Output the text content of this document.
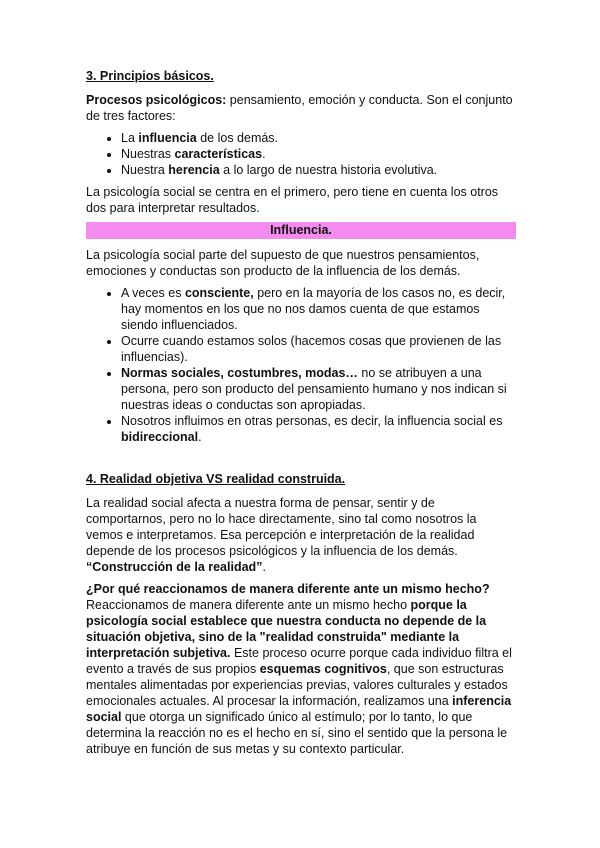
3. Principios básicos.

Procesos psicológicos: pensamiento, emoción y conducta. Son el conjunto de tres factores:

• La influencia de los demás.
• Nuestras características.
• Nuestra herencia a lo largo de nuestra historia evolutiva.

La psicología social se centra en el primero, pero tiene en cuenta los otros dos para interpretar resultados.

Influencia.

La psicología social parte del supuesto de que nuestros pensamientos, emociones y conductas son producto de la influencia de los demás.

• A veces es consciente, pero en la mayoría de los casos no, es decir, hay momentos en los que no nos damos cuenta de que estamos siendo influenciados.
• Ocurre cuando estamos solos (hacemos cosas que provienen de las influencias).
• Normas sociales, costumbres, modas… no se atribuyen a una persona, pero son producto del pensamiento humano y nos indican si nuestras ideas o conductas son apropiadas.
• Nosotros influimos en otras personas, es decir, la influencia social es bidireccional.
4. Realidad objetiva VS realidad construida.

La realidad social afecta a nuestra forma de pensar, sentir y de comportarnos, pero no lo hace directamente, sino tal como nosotros la vemos e interpretamos. Esa percepción e interpretación de la realidad depende de los procesos psicológicos y la influencia de los demás. “Construcción de la realidad”.

¿Por qué reaccionamos de manera diferente ante un mismo hecho? Reaccionamos de manera diferente ante un mismo hecho porque la psicología social establece que nuestra conducta no depende de la situación objetiva, sino de la "realidad construida" mediante la interpretación subjetiva. Este proceso ocurre porque cada individuo filtra el evento a través de sus propios esquemas cognitivos, que son estructuras mentales alimentadas por experiencias previas, valores culturales y estados emocionales actuales. Al procesar la información, realizamos una inferencia social que otorga un significado único al estímulo; por lo tanto, lo que determina la reacción no es el hecho en sí, sino el sentido que la persona le atribuye en función de sus metas y su contexto particular.
